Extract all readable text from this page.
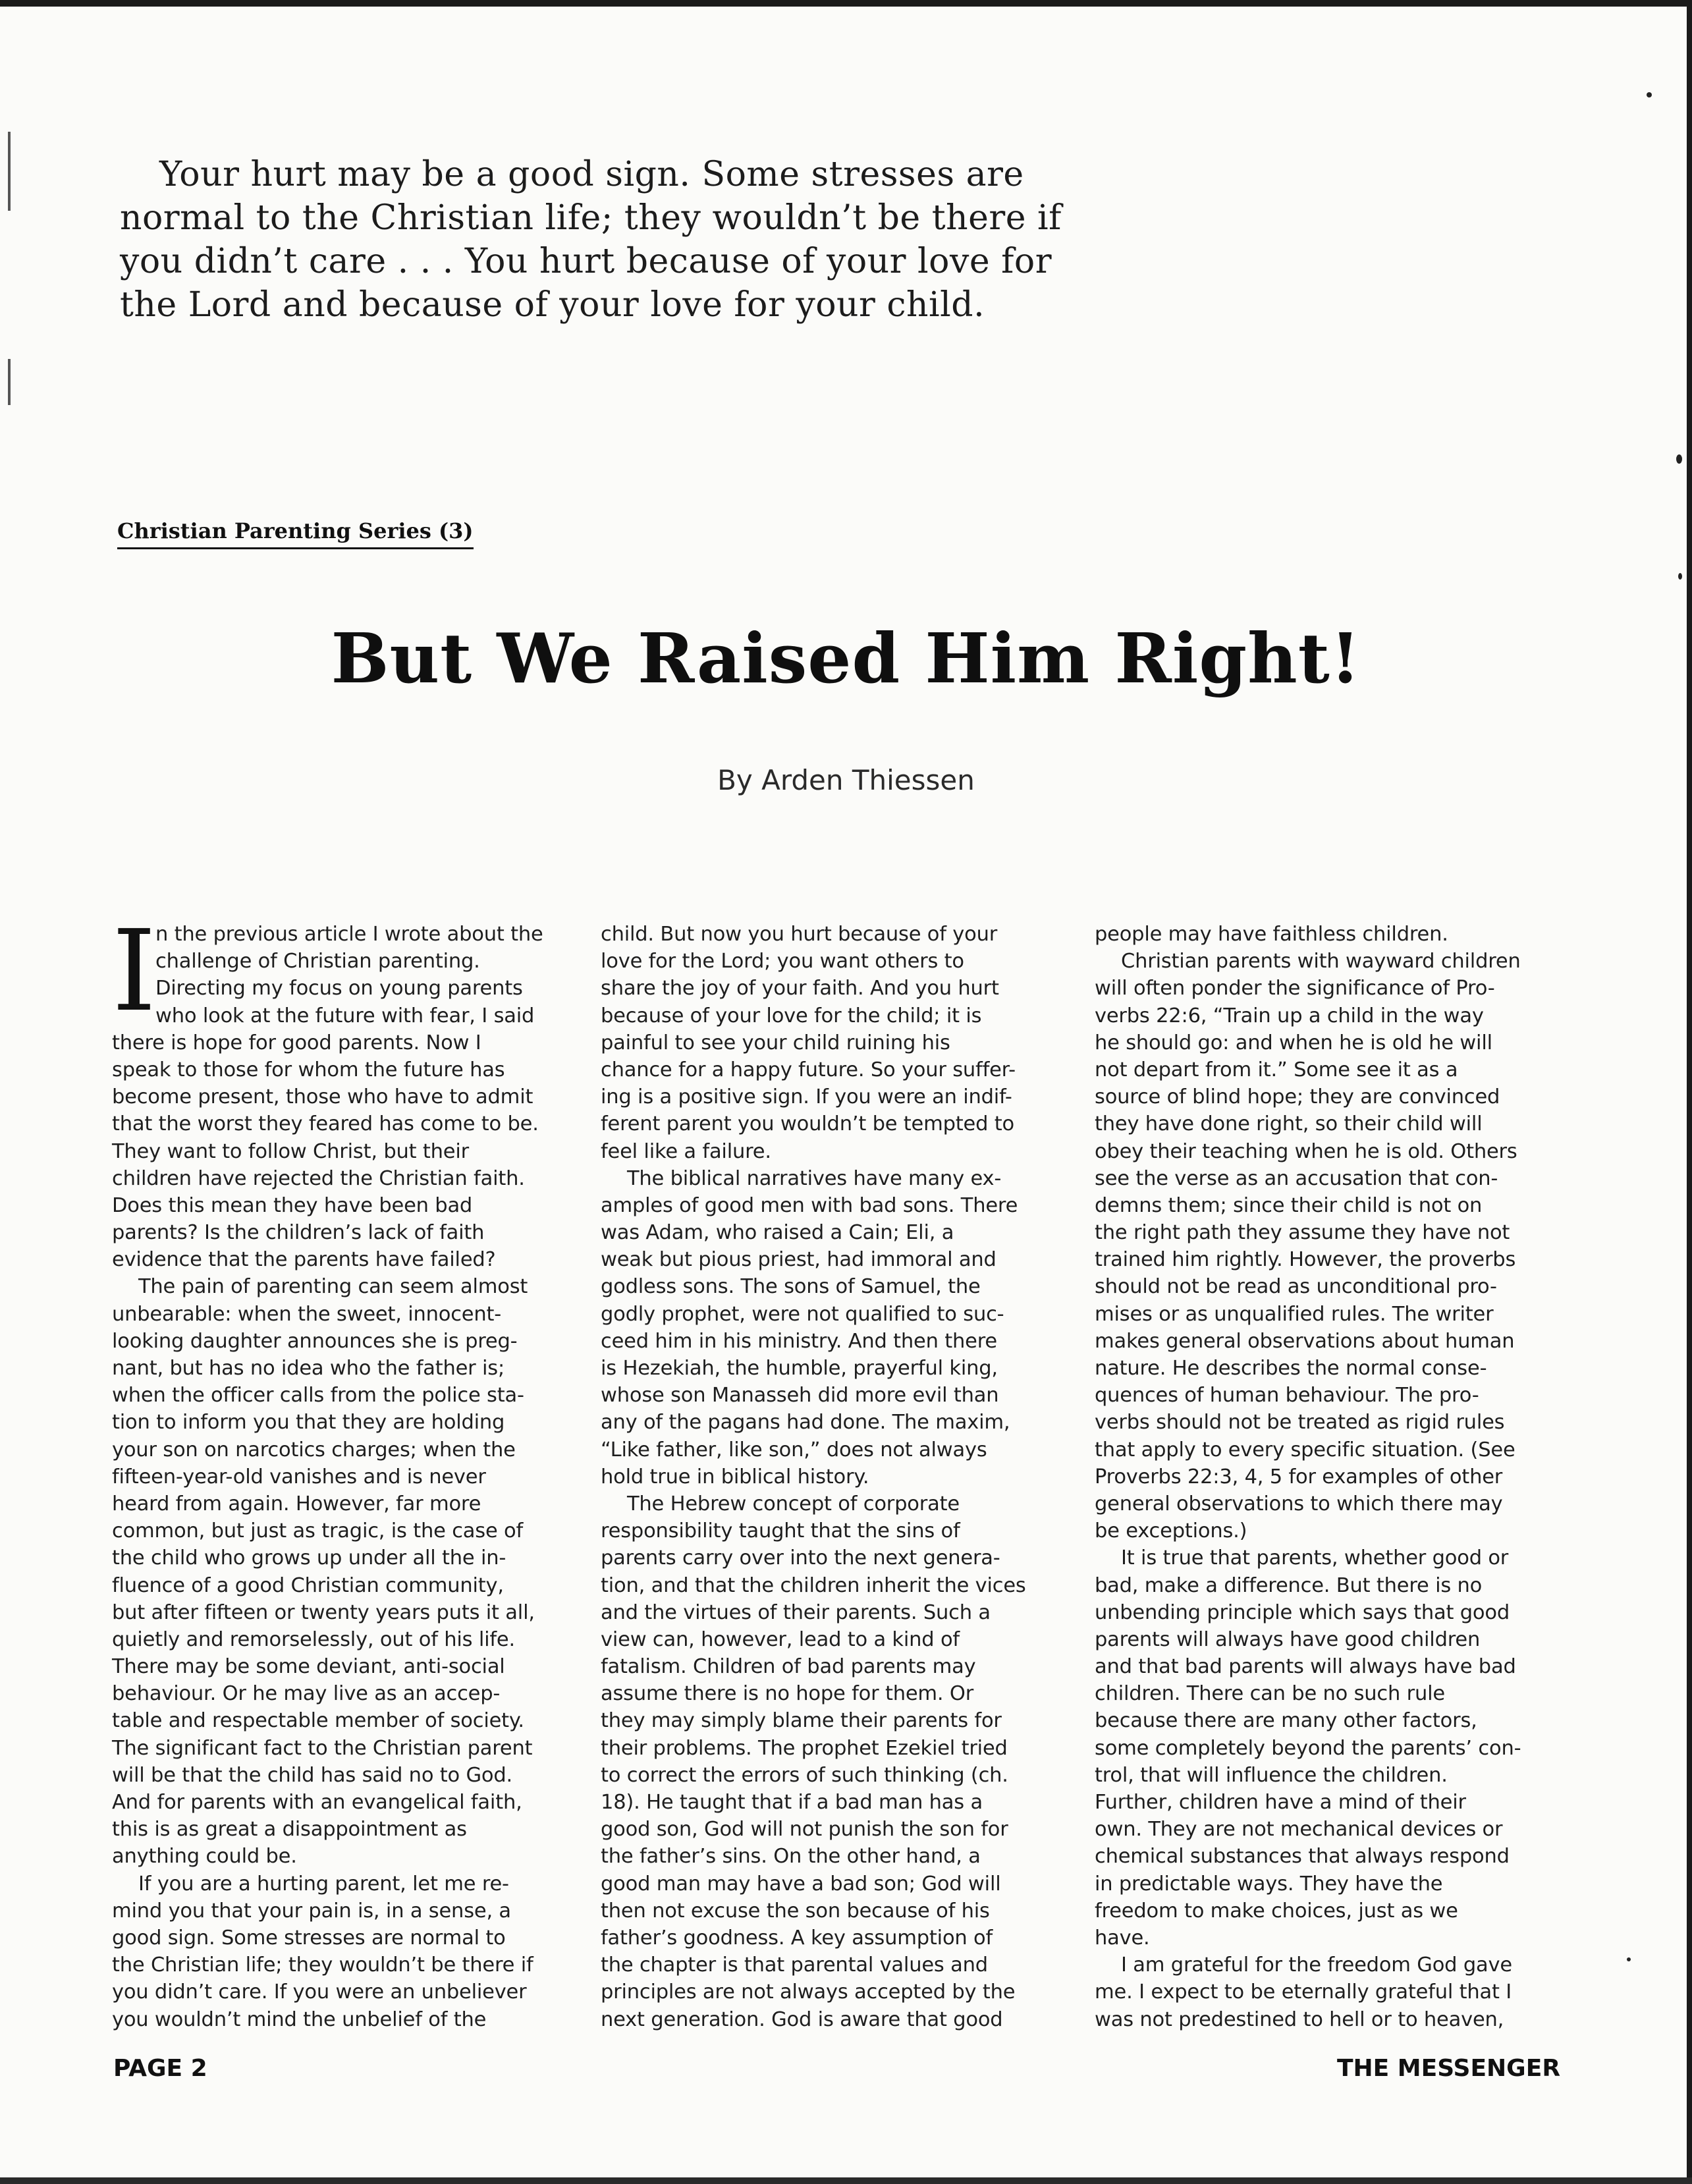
Your hurt may be a good sign. Some stresses are
normal to the Christian life; they wouldn’t be there if
you didn’t care . . . You hurt because of your love for
the Lord and because of your love for your child.
Christian Parenting Series (3)
But We Raised Him Right!
By Arden Thiessen
I n the previous article I wrote about the
challenge of Christian parenting.
Directing my focus on young parents
who look at the future with fear, I said
there is hope for good parents. Now I
speak to those for whom the future has
become present, those who have to admit
that the worst they feared has come to be.
They want to follow Christ, but their
children have rejected the Christian faith.
Does this mean they have been bad
parents? Is the children’s lack of faith
evidence that the parents have failed?
The pain of parenting can seem almost
unbearable: when the sweet, innocent-
looking daughter announces she is preg-
nant, but has no idea who the father is;
when the officer calls from the police sta-
tion to inform you that they are holding
your son on narcotics charges; when the
fifteen-year-old vanishes and is never
heard from again. However, far more
common, but just as tragic, is the case of
the child who grows up under all the in-
fluence of a good Christian community,
but after fifteen or twenty years puts it all,
quietly and remorselessly, out of his life.
There may be some deviant, anti-social
behaviour. Or he may live as an accep-
table and respectable member of society.
The significant fact to the Christian parent
will be that the child has said no to God.
And for parents with an evangelical faith,
this is as great a disappointment as
anything could be.
If you are a hurting parent, let me re-
mind you that your pain is, in a sense, a
good sign. Some stresses are normal to
the Christian life; they wouldn’t be there if
you didn’t care. If you were an unbeliever
you wouldn’t mind the unbelief of the
child. But now you hurt because of your
love for the Lord; you want others to
share the joy of your faith. And you hurt
because of your love for the child; it is
painful to see your child ruining his
chance for a happy future. So your suffer-
ing is a positive sign. If you were an indif-
ferent parent you wouldn’t be tempted to
feel like a failure.
The biblical narratives have many ex-
amples of good men with bad sons. There
was Adam, who raised a Cain; Eli, a
weak but pious priest, had immoral and
godless sons. The sons of Samuel, the
godly prophet, were not qualified to suc-
ceed him in his ministry. And then there
is Hezekiah, the humble, prayerful king,
whose son Manasseh did more evil than
any of the pagans had done. The maxim,
“Like father, like son,” does not always
hold true in biblical history.
The Hebrew concept of corporate
responsibility taught that the sins of
parents carry over into the next genera-
tion, and that the children inherit the vices
and the virtues of their parents. Such a
view can, however, lead to a kind of
fatalism. Children of bad parents may
assume there is no hope for them. Or
they may simply blame their parents for
their problems. The prophet Ezekiel tried
to correct the errors of such thinking (ch.
18). He taught that if a bad man has a
good son, God will not punish the son for
the father’s sins. On the other hand, a
good man may have a bad son; God will
then not excuse the son because of his
father’s goodness. A key assumption of
the chapter is that parental values and
principles are not always accepted by the
next generation. God is aware that good
people may have faithless children.
Christian parents with wayward children
will often ponder the significance of Pro-
verbs 22:6, “Train up a child in the way
he should go: and when he is old he will
not depart from it.” Some see it as a
source of blind hope; they are convinced
they have done right, so their child will
obey their teaching when he is old. Others
see the verse as an accusation that con-
demns them; since their child is not on
the right path they assume they have not
trained him rightly. However, the proverbs
should not be read as unconditional pro-
mises or as unqualified rules. The writer
makes general observations about human
nature. He describes the normal conse-
quences of human behaviour. The pro-
verbs should not be treated as rigid rules
that apply to every specific situation. (See
Proverbs 22:3, 4, 5 for examples of other
general observations to which there may
be exceptions.)
It is true that parents, whether good or
bad, make a difference. But there is no
unbending principle which says that good
parents will always have good children
and that bad parents will always have bad
children. There can be no such rule
because there are many other factors,
some completely beyond the parents’ con-
trol, that will influence the children.
Further, children have a mind of their
own. They are not mechanical devices or
chemical substances that always respond
in predictable ways. They have the
freedom to make choices, just as we
have.
I am grateful for the freedom God gave
me. I expect to be eternally grateful that I
was not predestined to hell or to heaven,
PAGE 2	THE MESSENGER
